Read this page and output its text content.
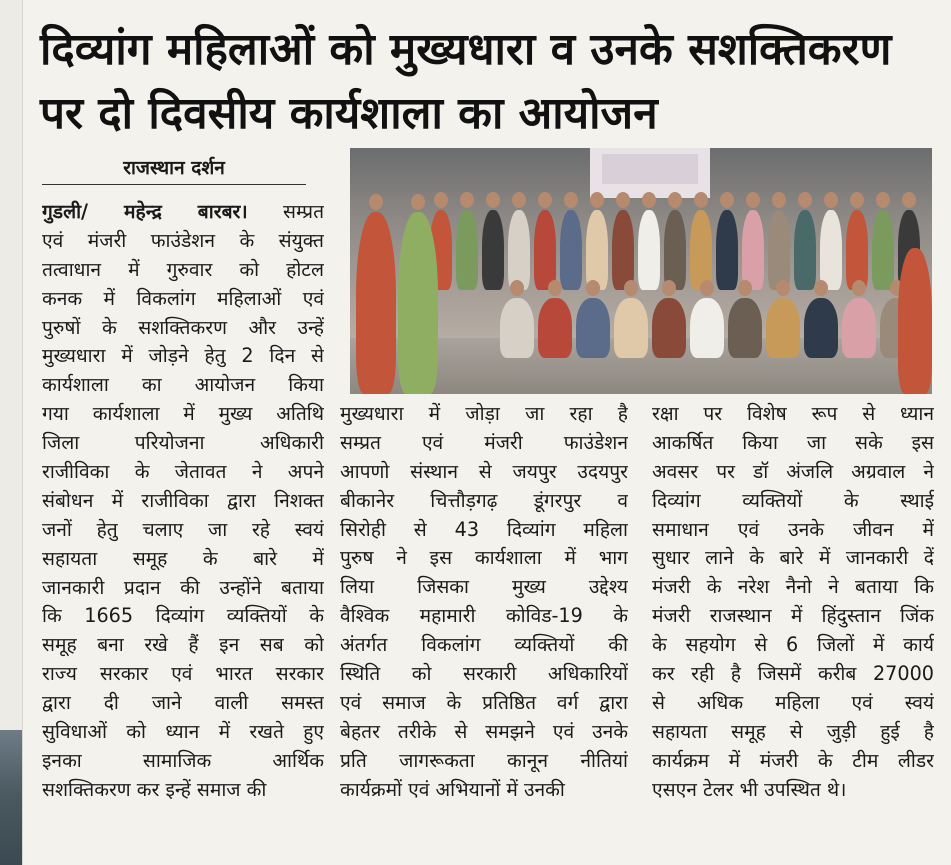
दिव्यांग महिलाओं को मुख्यधारा व उनके सशक्तिकरण
पर दो दिवसीय कार्यशाला का आयोजन
राजस्थान दर्शन
गुडली/ महेन्द्र बारबर। सम्प्रत
एवं मंजरी फाउंडेशन के संयुक्त
तत्वाधान में गुरुवार को होटल
कनक में विकलांग महिलाओं एवं
पुरुषों के सशक्तिकरण और उन्हें
मुख्यधारा में जोड़ने हेतु 2 दिन से
कार्यशाला का आयोजन किया
गया कार्यशाला में मुख्य अतिथि
जिला परियोजना अधिकारी
राजीविका के जेतावत ने अपने
संबोधन में राजीविका द्वारा निशक्त
जनों हेतु चलाए जा रहे स्वयं
सहायता समूह के बारे में
जानकारी प्रदान की उन्होंने बताया
कि 1665 दिव्यांग व्यक्तियों के
समूह बना रखे हैं इन सब को
राज्य सरकार एवं भारत सरकार
द्वारा दी जाने वाली समस्त
सुविधाओं को ध्यान में रखते हुए
इनका सामाजिक आर्थिक
सशक्तिकरण कर इन्हें समाज की
मुख्यधारा में जोड़ा जा रहा है
सम्प्रत एवं मंजरी फाउंडेशन
आपणो संस्थान से जयपुर उदयपुर
बीकानेर चित्तौड़गढ़ डूंगरपुर व
सिरोही से 43 दिव्यांग महिला
पुरुष ने इस कार्यशाला में भाग
लिया जिसका मुख्य उद्देश्य
वैश्विक महामारी कोविड-19 के
अंतर्गत विकलांग व्यक्तियों की
स्थिति को सरकारी अधिकारियों
एवं समाज के प्रतिष्ठित वर्ग द्वारा
बेहतर तरीके से समझने एवं उनके
प्रति जागरूकता कानून नीतियां
कार्यक्रमों एवं अभियानों में उनकी
रक्षा पर विशेष रूप से ध्यान
आकर्षित किया जा सके इस
अवसर पर डॉ अंजलि अग्रवाल ने
दिव्यांग व्यक्तियों के स्थाई
समाधान एवं उनके जीवन में
सुधार लाने के बारे में जानकारी दें
मंजरी के नरेश नैनो ने बताया कि
मंजरी राजस्थान में हिंदुस्तान जिंक
के सहयोग से 6 जिलों में कार्य
कर रही है जिसमें करीब 27000
से अधिक महिला एवं स्वयं
सहायता समूह से जुड़ी हुई है
कार्यक्रम में मंजरी के टीम लीडर
एसएन टेलर भी उपस्थित थे।
